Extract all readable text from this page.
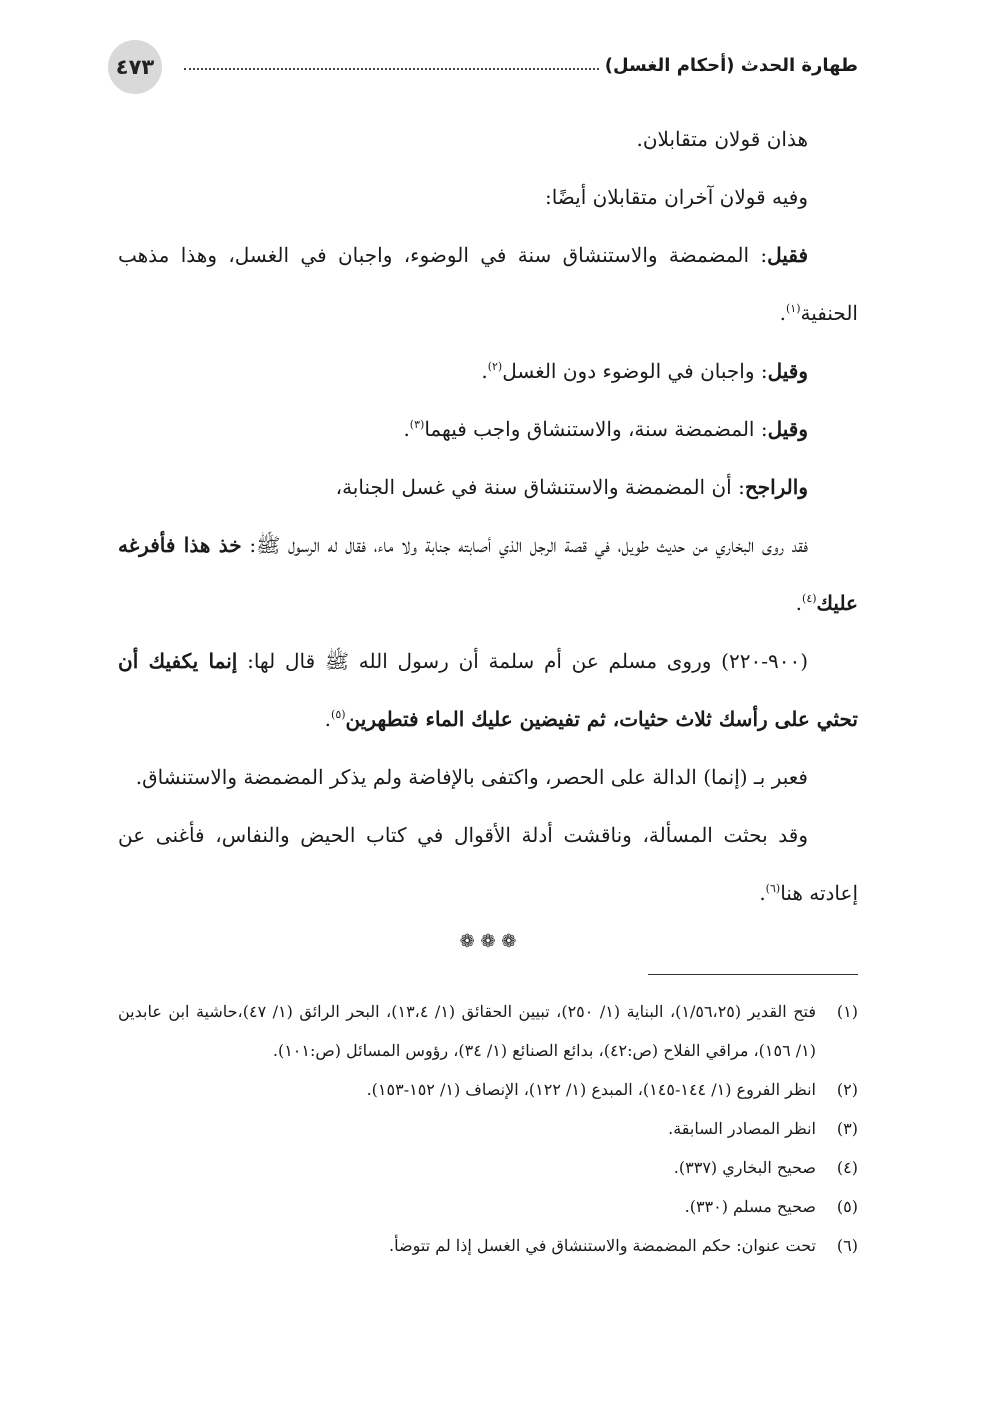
٤٧٣	طهارة الحدث (أحكام الغسل)

هذان قولان متقابلان.

وفيه قولان آخران متقابلان أيضًا:

فقيل: المضمضة والاستنشاق سنة في الوضوء، واجبان في الغسل، وهذا مذهب الحنفية$^{(١)}$.

وقيل: واجبان في الوضوء دون الغسل$^{(٢)}$.

وقيل: المضمضة سنة، والاستنشاق واجب فيهما$^{(٣)}$.

والراجح: أن المضمضة والاستنشاق سنة في غسل الجنابة،

فقد روى البخاري من حديث طويل، في قصة الرجل الذي أصابته جنابة ولا ماء، فقال له الرسول ﷺ: خذ هذا فأفرغه عليك$^{(٤)}$.

(٩٠٠-٢٢٠) وروى مسلم عن أم سلمة أن رسول الله ﷺ قال لها: إنما يكفيك أن تحثي على رأسك ثلاث حثيات، ثم تفيضين عليك الماء فتطهرين$^{(٥)}$.

فعبر بـ (إنما) الدالة على الحصر، واكتفى بالإفاضة ولم يذكر المضمضة والاستنشاق.

وقد بحثت المسألة، وناقشت أدلة الأقوال في كتاب الحيض والنفاس، فأغنى عن إعادته هنا$^{(٦)}$.

❁ ❁ ❁

(١)
فتح القدير (١/٥٦،٢٥)، البناية (١/ ٢٥٠)، تبيين الحقائق (١/ ١٣،٤)، البحر الرائق (١/ ٤٧)،حاشية ابن عابدين (١/ ١٥٦)، مراقي الفلاح (ص:٤٢)، بدائع الصنائع (١/ ٣٤)، رؤوس المسائل (ص:١٠١).

(٢)
انظر الفروع (١/ ١٤٤-١٤٥)، المبدع (١/ ١٢٢)، الإنصاف (١/ ١٥٢-١٥٣).

(٣)
انظر المصادر السابقة.

(٤)
صحيح البخاري (٣٣٧).

(٥)
صحيح مسلم (٣٣٠).

(٦)
تحت عنوان: حكم المضمضة والاستنشاق في الغسل إذا لم تتوضأ.
